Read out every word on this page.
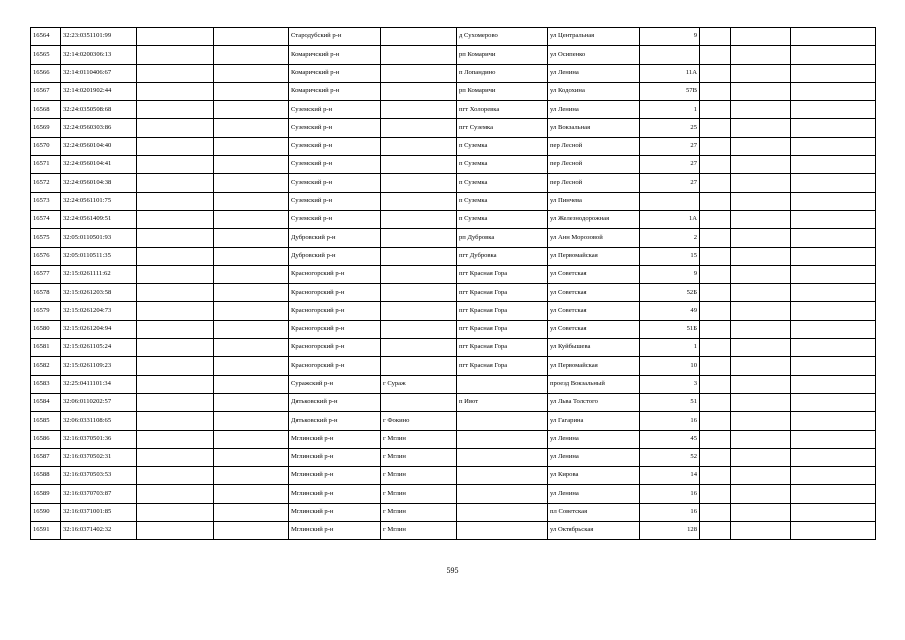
16564	32:23:0351101:99			Стародубский р-н		д Сухомерово	ул Центральная	9			
16565	32:14:0200306:13			Комаричский р-н		рп Комаричи	ул Осипенко				
16566	32:14:0110406:67			Комаричский р-н		п Лопандино	ул Ленина	11А			
16567	32:14:0201902:44			Комаричский р-н		рп Комаричи	ул Кодохина	57В			
16568	32:24:0350508:68			Суземский р-н		пгт Холоревка	ул Ленина	1			
16569	32:24:0560303:86			Суземский р-н		пгт Суземка	ул Вокзальная	25			
16570	32:24:0560104:40			Суземский р-н		п Суземка	пер Лесной	27			
16571	32:24:0560104:41			Суземский р-н		п Суземка	пер Лесной	27			
16572	32:24:0560104:38			Суземский р-н		п Суземка	пер Лесной	27			
16573	32:24:0561101:75			Суземский р-н		п Суземка	ул Пинчева				
16574	32:24:0561409:51			Суземский р-н		п Суземка	ул Железнодорожная	1А			
16575	32:05:0110501:93			Дубровский р-н		рп Дубровка	ул Анн Морозовой	2			
16576	32:05:0110511:35			Дубровский р-н		пгт Дубровка	ул Первомайская	15			
16577	32:15:0261111:62			Красногорский р-н		пгт Красная Гора	ул Советская	9			
16578	32:15:0261203:58			Красногорский р-н		пгт Красная Гора	ул Советская	52Б			
16579	32:15:0261204:73			Красногорский р-н		пгт Красная Гора	ул Советская	49			
16580	32:15:0261204:94			Красногорский р-н		пгт Красная Гора	ул Советская	51Б			
16581	32:15:0261105:24			Красногорский р-н		пгт Красная Гора	ул Куйбышева	1			
16582	32:15:0261109:23			Красногорский р-н		пгт Красная Гора	ул Первомайская	10			
16583	32:25:0411101:34			Суражский р-н	г Сураж		проезд Вокзальный	3			
16584	32:06:0110202:57			Дятьковский р-н		п Ивот	ул Льва Толстого	51			
16585	32:06:0331108:65			Дятьковский р-н	г Фокино		ул Гагарина	16			
16586	32:16:0370501:36			Мглинский р-н	г Мглин		ул Ленина	45			
16587	32:16:0370502:31			Мглинский р-н	г Мглин		ул Ленина	52			
16588	32:16:0370503:53			Мглинский р-н	г Мглин		ул Кирова	14			
16589	32:16:0370703:87			Мглинский р-н	г Мглин		ул Ленина	16			
16590	32:16:0371001:85			Мглинский р-н	г Мглин		пл Советская	16			
16591	32:16:0371402:32			Мглинский р-н	г Мглин		ул Октябрьская	128			
595
